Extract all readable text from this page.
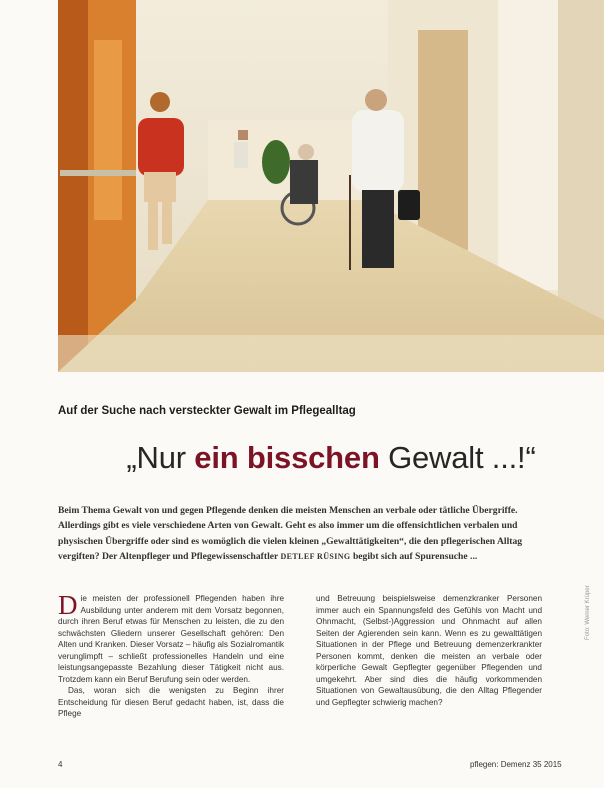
Auf der Suche nach versteckter Gewalt im Pflegealltag
„Nur ein bisschen Gewalt ...!“
Beim Thema Gewalt von und gegen Pflegende denken die meisten Menschen an verbale oder tätliche Übergriffe. Allerdings gibt es viele verschiedene Arten von Gewalt. Geht es also immer um die offensichtlichen verbalen und physischen Übergriffe oder sind es womöglich die vielen kleinen „Gewalttätigkeiten“, die den pflegerischen Alltag vergiften? Der Altenpfleger und Pflegewissenschaftler DETLEF RÜSING begibt sich auf Spurensuche ...

Die meisten der professionell Pflegenden haben ihre Ausbildung unter anderem mit dem Vorsatz begonnen, durch ihren Beruf etwas für Menschen zu leisten, die zu den schwächsten Gliedern unserer Gesellschaft gehören: Den Alten und Kranken. Dieser Vorsatz – häufig als Sozialromantik verunglimpft – schließt professionelles Handeln und eine leistungsangepasste Bezahlung dieser Tätigkeit nicht aus. Trotzdem kann ein Beruf Berufung sein oder werden.

Das, woran sich die wenigsten zu Beginn ihrer Entscheidung für diesen Beruf gedacht haben, ist, dass die Pflege

und Betreuung beispielsweise demenzkranker Personen immer auch ein Spannungsfeld des Gefühls von Macht und Ohnmacht, (Selbst-)Aggression und Ohnmacht auf allen Seiten der Agierenden sein kann. Wenn es zu gewalttätigen Situationen in der Pflege und Betreuung demenzerkrankter Personen kommt, denken die meisten an verbale oder körperliche Gewalt Gepflegter gegenüber Pflegenden und umgekehrt. Aber sind dies die häufig vorkommenden Situationen von Gewaltausübung, die den Alltag Pflegender und Gepflegter schwierig machen?

4	pflegen: Demenz 35 2015
Foto: Werner Krüper
